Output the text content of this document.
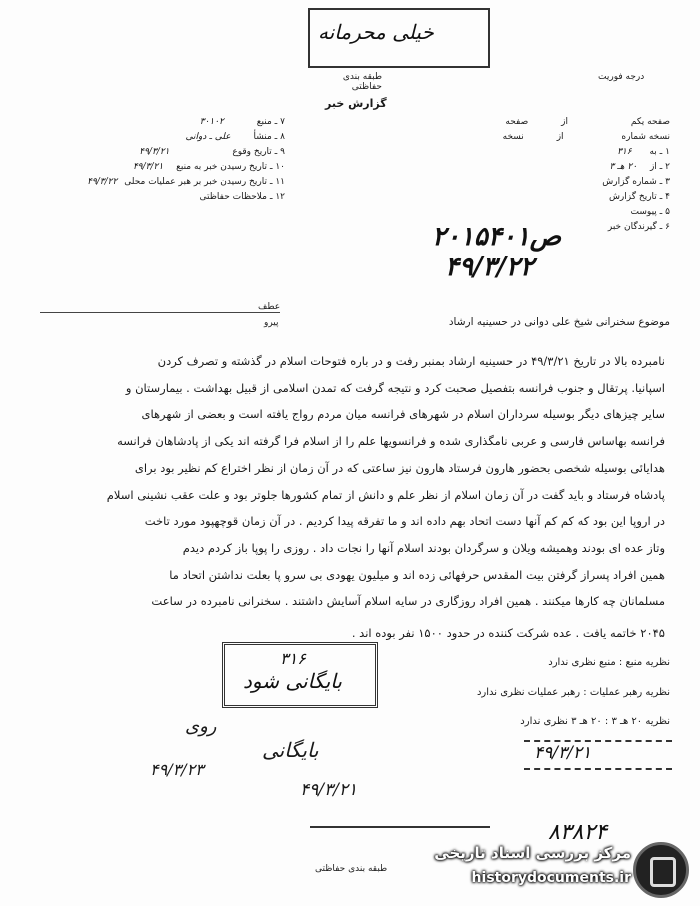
خیلی محرمانه
طبقه بندی حفاظتی
درجه فوریت
گزارش خبر
۷ ـ منبع ۳۰۱۰۲
۸ ـ منشأ علی ـ دوانی
۹ ـ تاریخ وقوع ۴۹/۳/۲۱
۱۰ ـ تاریخ رسیدن خبر به منبع ۴۹/۳/۲۱
۱۱ ـ تاریخ رسیدن خبر بر هبر عملیات محلی ۴۹/۳/۲۲
۱۲ ـ ملاحظات حفاظتی
صفحه یکم از صفحه
نسخه شماره از نسخه
۱ ـ به ۳۱۶
۲ ـ از ۲۰ هـ ۳
۳ ـ شماره گزارش
۴ ـ تاریخ گزارش
۵ ـ پیوست
۶ ـ گیرندگان خبر
۲۰۱۵۴۰۱ص
۴۹/۳/۲۲
عطف
پیرو	موضوع سخنرانی شیخ علی دوانی در حسینیه ارشاد
نامبرده بالا در تاریخ ۴۹/۳/۲۱ در حسینیه ارشاد بمنبر رفت و در باره فتوحات اسلام در گذشته و تصرف کردن
اسپانیا. پرتقال و جنوب فرانسه بتفصیل صحبت کرد و نتیجه گرفت که تمدن اسلامی از قبیل بهداشت . بیمارستان و
سایر چیزهای دیگر بوسیله سرداران اسلام در شهرهای فرانسه میان مردم رواج یافته است و بعضی از شهرهای
فرانسه بهاساس فارسی و عربی نامگذاری شده و فرانسویها علم را از اسلام فرا گرفته اند یکی از پادشاهان فرانسه
هدایائی بوسیله شخصی بحضور هارون فرستاد هارون نیز ساعتی که در آن زمان از نظر اختراع کم نظیر بود برای
پادشاه فرستاد و باید گفت در آن زمان اسلام از نظر علم و دانش از تمام کشورها جلوتر بود و علت عقب نشینی اسلام
در اروپا این بود که کم کم آنها دست اتحاد بهم داده اند و ما تفرقه پیدا کردیم . در آن زمان قوچهپود مورد تاخت
وتاز عده ای بودند وهمیشه ویلان و سرگردان بودند اسلام آنها را نجات داد . روزی را پوپا باز کردم دیدم
همین افراد پسراز گرفتن بیت المقدس حرفهائی زده اند و میلیون یهودی بی سرو پا بعلت نداشتن اتحاد ما
مسلمانان چه کارها میکنند . همین افراد روزگاری در سایه اسلام آسایش داشتند . سخنرانی نامبرده در ساعت
۲۰۴۵ خاتمه یافت . عده شرکت کننده در حدود ۱۵۰۰ نفر بوده اند .
۳۱۶
بایگانی شود
نظریه منبع : منبع نظری ندارد
نظریه رهبر عملیات : رهبر عملیات نظری ندارد
نظریه ۲۰ هـ ۳ : ۲۰ هـ ۳ نظری ندارد
۴۹/۳/۲۱
روی
۴۹/۳/۲۳
بایگانی
۴۹/۳/۲۱
۸۳۸۲۴
طبقه بندی حفاظتی
مرکز بررسی اسناد تاریخی
historydocuments.ir
